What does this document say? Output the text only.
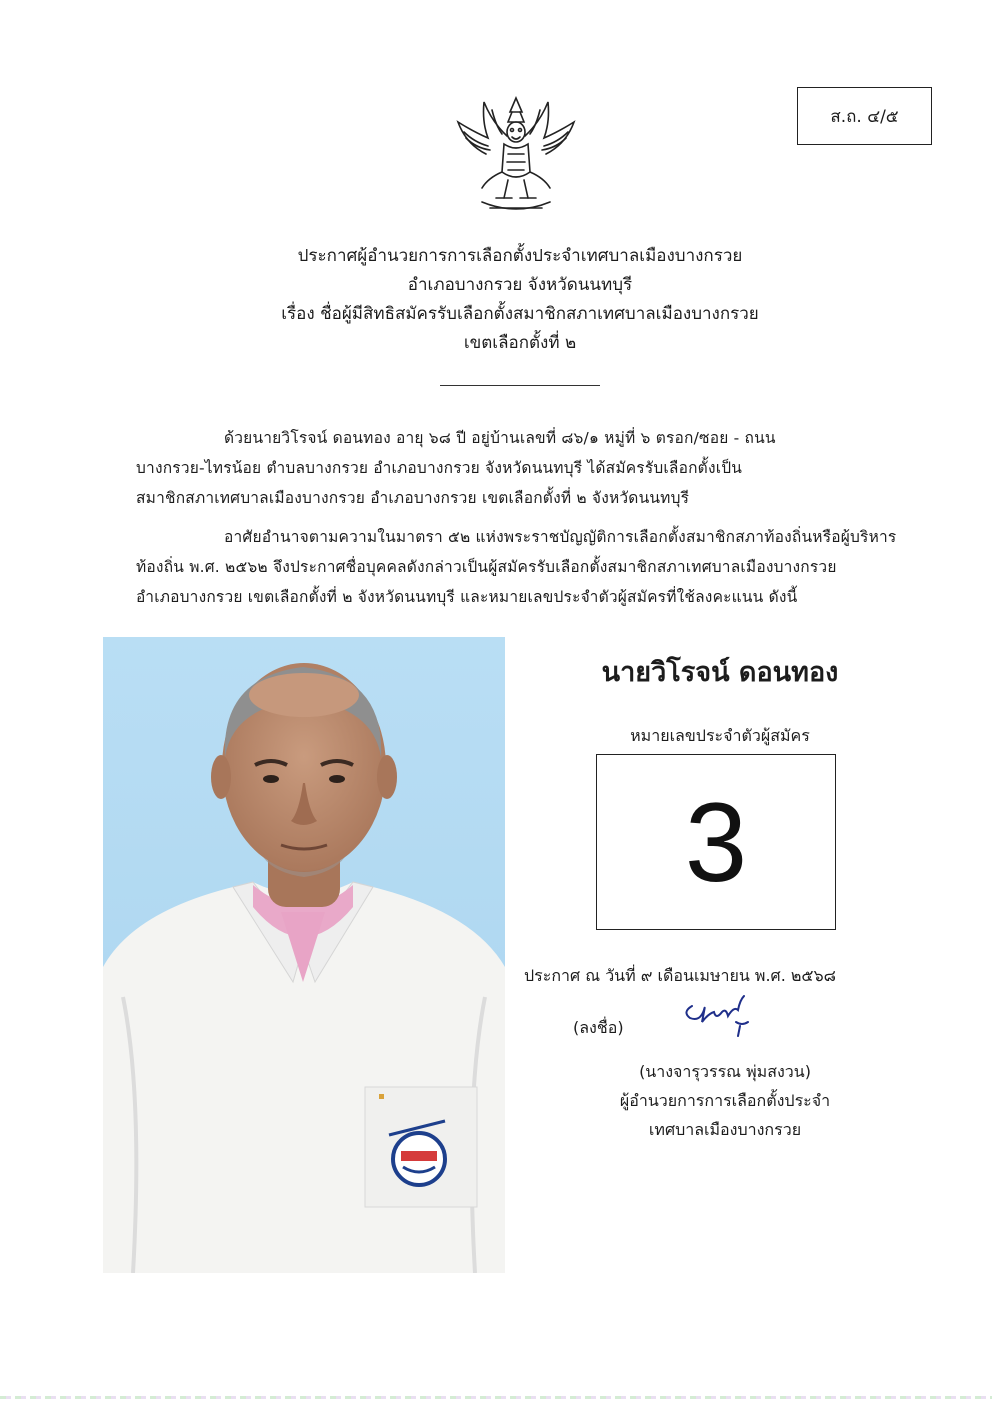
ส.ถ. ๔/๕
ประกาศผู้อำนวยการการเลือกตั้งประจำเทศบาลเมืองบางกรวย
อำเภอบางกรวย จังหวัดนนทบุรี
เรื่อง ชื่อผู้มีสิทธิสมัครรับเลือกตั้งสมาชิกสภาเทศบาลเมืองบางกรวย
เขตเลือกตั้งที่ ๒
ด้วยนายวิโรจน์ ดอนทอง อายุ ๖๘ ปี อยู่บ้านเลขที่ ๘๖/๑ หมู่ที่ ๖ ตรอก/ซอย - ถนน
บางกรวย-ไทรน้อย ตำบลบางกรวย อำเภอบางกรวย จังหวัดนนทบุรี ได้สมัครรับเลือกตั้งเป็น
สมาชิกสภาเทศบาลเมืองบางกรวย อำเภอบางกรวย เขตเลือกตั้งที่ ๒ จังหวัดนนทบุรี
อาศัยอำนาจตามความในมาตรา ๕๒ แห่งพระราชบัญญัติการเลือกตั้งสมาชิกสภาท้องถิ่นหรือผู้บริหาร
ท้องถิ่น พ.ศ. ๒๕๖๒ จึงประกาศชื่อบุคคลดังกล่าวเป็นผู้สมัครรับเลือกตั้งสมาชิกสภาเทศบาลเมืองบางกรวย
อำเภอบางกรวย เขตเลือกตั้งที่ ๒ จังหวัดนนทบุรี และหมายเลขประจำตัวผู้สมัครที่ใช้ลงคะแนน ดังนี้
นายวิโรจน์ ดอนทอง
หมายเลขประจำตัวผู้สมัคร
3
ประกาศ ณ วันที่ ๙ เดือนเมษายน พ.ศ. ๒๕๖๘
(ลงชื่อ)
(นางจารุวรรณ พุ่มสงวน)
ผู้อำนวยการการเลือกตั้งประจำ
เทศบาลเมืองบางกรวย
